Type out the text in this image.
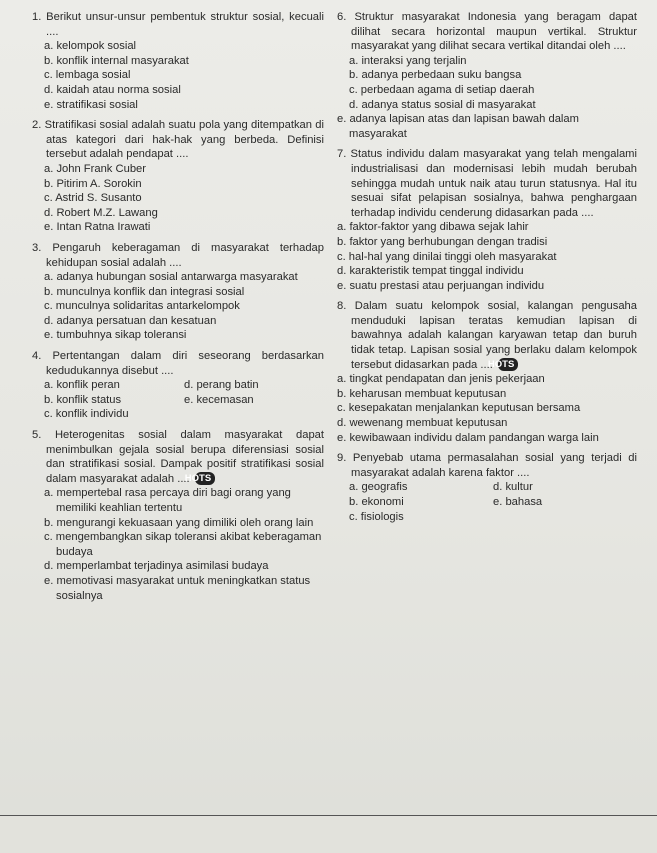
1. Berikut unsur-unsur pembentuk struktur sosial, kecuali ....
a. kelompok sosial
b. konflik internal masyarakat
c. lembaga sosial
d. kaidah atau norma sosial
e. stratifikasi sosial
2. Stratifikasi sosial adalah suatu pola yang ditempatkan di atas kategori dari hak-hak yang berbeda. Definisi tersebut adalah pendapat ....
a. John Frank Cuber
b. Pitirim A. Sorokin
c. Astrid S. Susanto
d. Robert M.Z. Lawang
e. Intan Ratna Irawati
3. Pengaruh keberagaman di masyarakat terhadap kehidupan sosial adalah ....
a. adanya hubungan sosial antarwarga masyarakat
b. munculnya konflik dan integrasi sosial
c. munculnya solidaritas antarkelompok
d. adanya persatuan dan kesatuan
e. tumbuhnya sikap toleransi
4. Pertentangan dalam diri seseorang berdasarkan kedudukannya disebut ....
a. konflik peran	d. perang batin
b. konflik status	e. kecemasan
c. konflik individu
5. Heterogenitas sosial dalam masyarakat dapat menimbulkan gejala sosial berupa diferensiasi sosial dan stratifikasi sosial. Dampak positif stratifikasi sosial dalam masyarakat adalah .... HOTS
a. mempertebal rasa percaya diri bagi orang yang memiliki keahlian tertentu
b. mengurangi kekuasaan yang dimiliki oleh orang lain
c. mengembangkan sikap toleransi akibat keberagaman budaya
d. memperlambat terjadinya asimilasi budaya
e. memotivasi masyarakat untuk meningkatkan status sosialnya
6. Struktur masyarakat Indonesia yang beragam dapat dilihat secara horizontal maupun vertikal. Struktur masyarakat yang dilihat secara vertikal ditandai oleh ....
a. interaksi yang terjalin
b. adanya perbedaan suku bangsa
c. perbedaan agama di setiap daerah
d. adanya status sosial di masyarakat
e. adanya lapisan atas dan lapisan bawah dalam masyarakat
7. Status individu dalam masyarakat yang telah mengalami industrialisasi dan modernisasi lebih mudah berubah sehingga mudah untuk naik atau turun statusnya. Hal itu sesuai sifat pelapisan sosialnya, bahwa penghargaan terhadap individu cenderung didasarkan pada ....
a. faktor-faktor yang dibawa sejak lahir
b. faktor yang berhubungan dengan tradisi
c. hal-hal yang dinilai tinggi oleh masyarakat
d. karakteristik tempat tinggal individu
e. suatu prestasi atau perjuangan individu
8. Dalam suatu kelompok sosial, kalangan pengusaha menduduki lapisan teratas kemudian lapisan di bawahnya adalah kalangan karyawan tetap dan buruh tidak tetap. Lapisan sosial yang berlaku dalam kelompok tersebut didasarkan pada .... HOTS
a. tingkat pendapatan dan jenis pekerjaan
b. keharusan membuat keputusan
c. kesepakatan menjalankan keputusan bersama
d. wewenang membuat keputusan
e. kewibawaan individu dalam pandangan warga lain
9. Penyebab utama permasalahan sosial yang terjadi di masyarakat adalah karena faktor ....
a. geografis	d. kultur
b. ekonomi	e. bahasa
c. fisiologis
